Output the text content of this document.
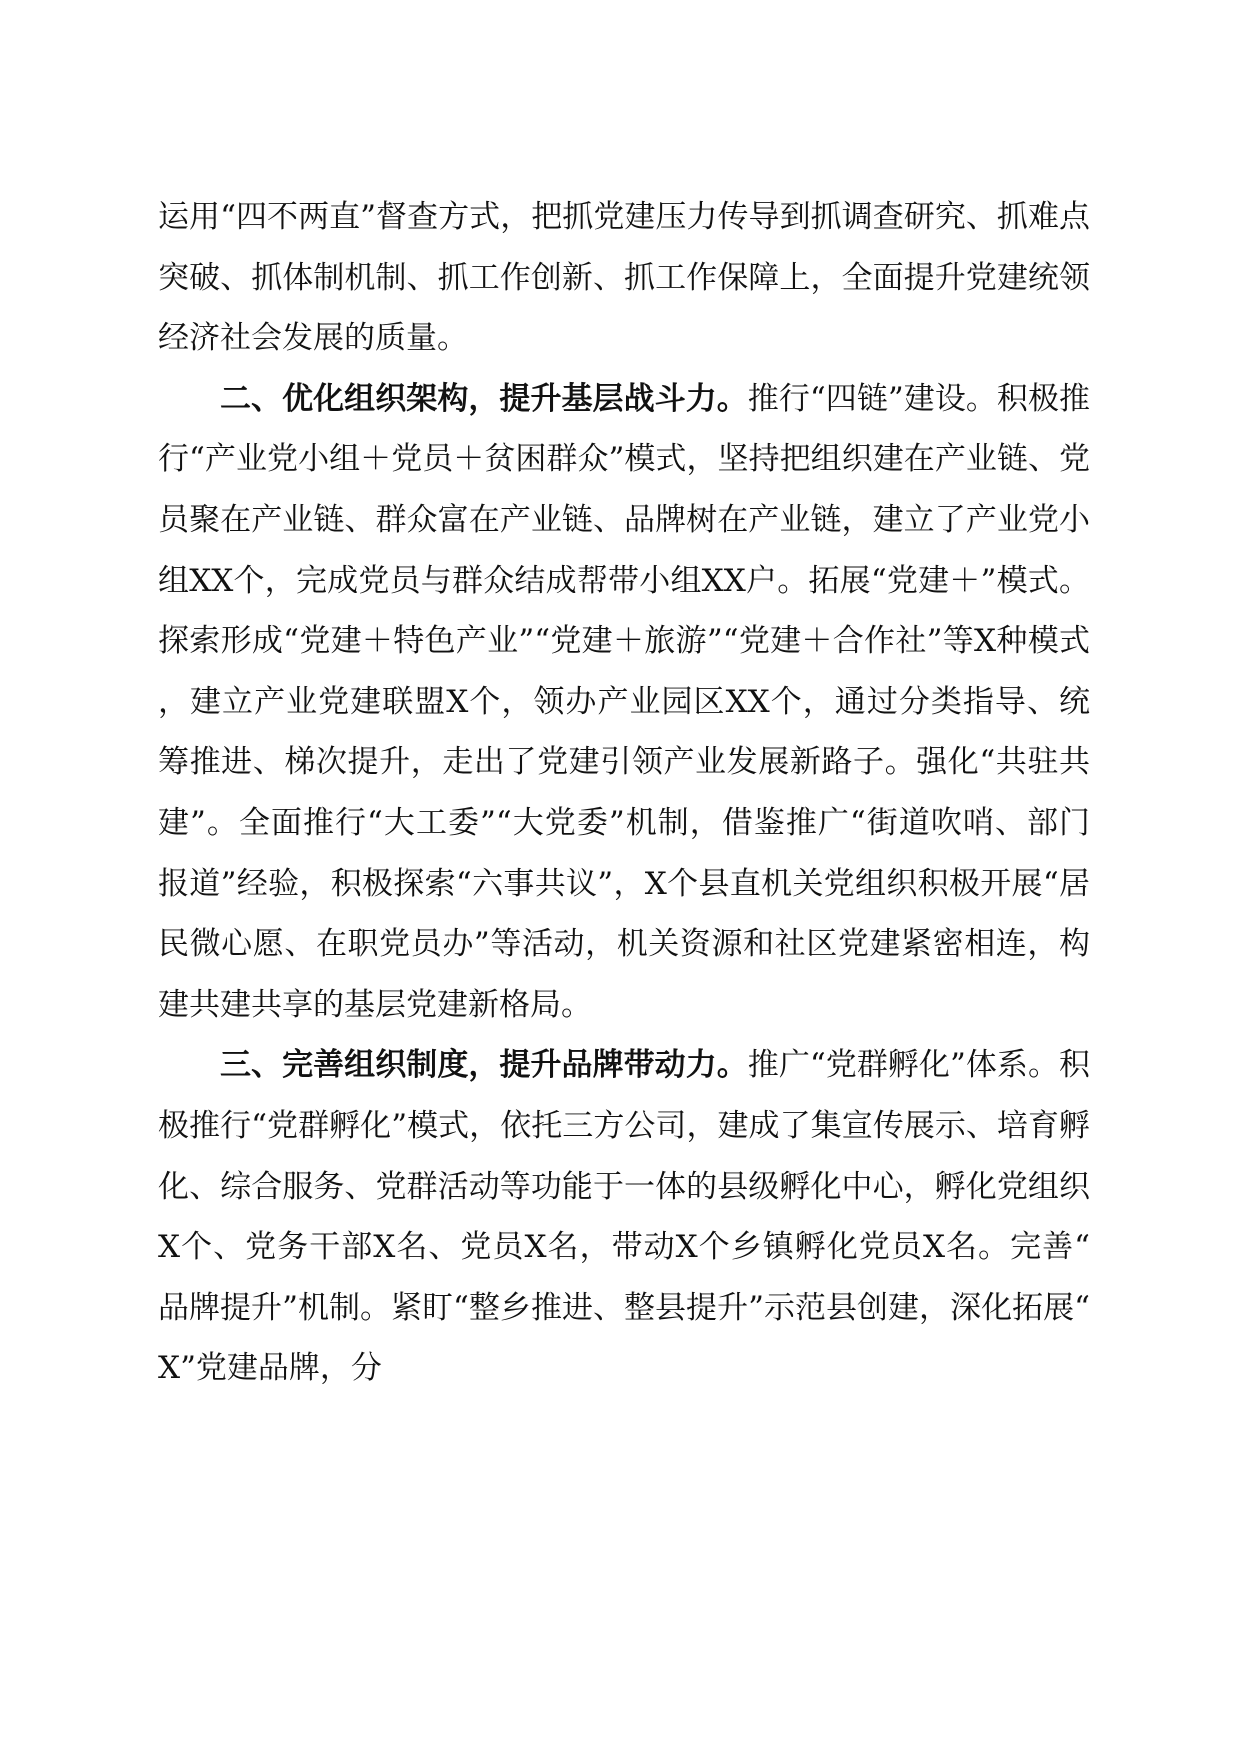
运用“四不两直”督查方式，把抓党建压力传导到抓调查研究、抓难点突破、抓体制机制、抓工作创新、抓工作保障上，全面提升党建统领经济社会发展的质量。

二、优化组织架构，提升基层战斗力。推行“四链”建设。积极推行“产业党小组＋党员＋贫困群众”模式，坚持把组织建在产业链、党员聚在产业链、群众富在产业链、品牌树在产业链，建立了产业党小组XX个，完成党员与群众结成帮带小组XX户。拓展“党建＋”模式。探索形成“党建＋特色产业”“党建＋旅游”“党建＋合作社”等X种模式，建立产业党建联盟X个，领办产业园区XX个，通过分类指导、统筹推进、梯次提升，走出了党建引领产业发展新路子。强化“共驻共建”。全面推行“大工委”“大党委”机制，借鉴推广“街道吹哨、部门报道”经验，积极探索“六事共议”，X个县直机关党组织积极开展“居民微心愿、在职党员办”等活动，机关资源和社区党建紧密相连，构建共建共享的基层党建新格局。

三、完善组织制度，提升品牌带动力。推广“党群孵化”体系。积极推行“党群孵化”模式，依托三方公司，建成了集宣传展示、培育孵化、综合服务、党群活动等功能于一体的县级孵化中心，孵化党组织X个、党务干部X名、党员X名，带动X个乡镇孵化党员X名。完善“品牌提升”机制。紧盯“整乡推进、整县提升”示范县创建，深化拓展“X”党建品牌，分
